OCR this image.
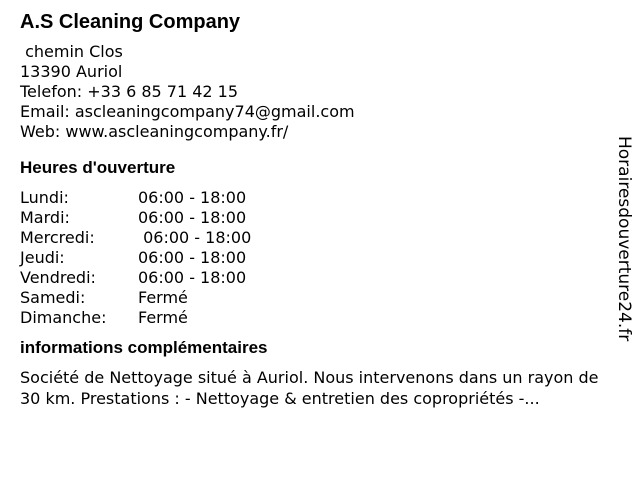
A.S Cleaning Company
chemin Clos
13390 Auriol
Telefon: +33 6 85 71 42 15
Email: ascleaningcompany74@gmail.com
Web: www.ascleaningcompany.fr/
Heures d'ouverture
Lundi:	06:00 - 18:00
Mardi:	06:00 - 18:00
Mercredi:	06:00 - 18:00
Jeudi:	06:00 - 18:00
Vendredi:	06:00 - 18:00
Samedi:	Fermé
Dimanche:	Fermé
informations complémentaires
Société de Nettoyage situé à Auriol. Nous intervenons dans un rayon de 30 km. Prestations : - Nettoyage & entretien des copropriétés -...
Horairesdouverture24.fr
